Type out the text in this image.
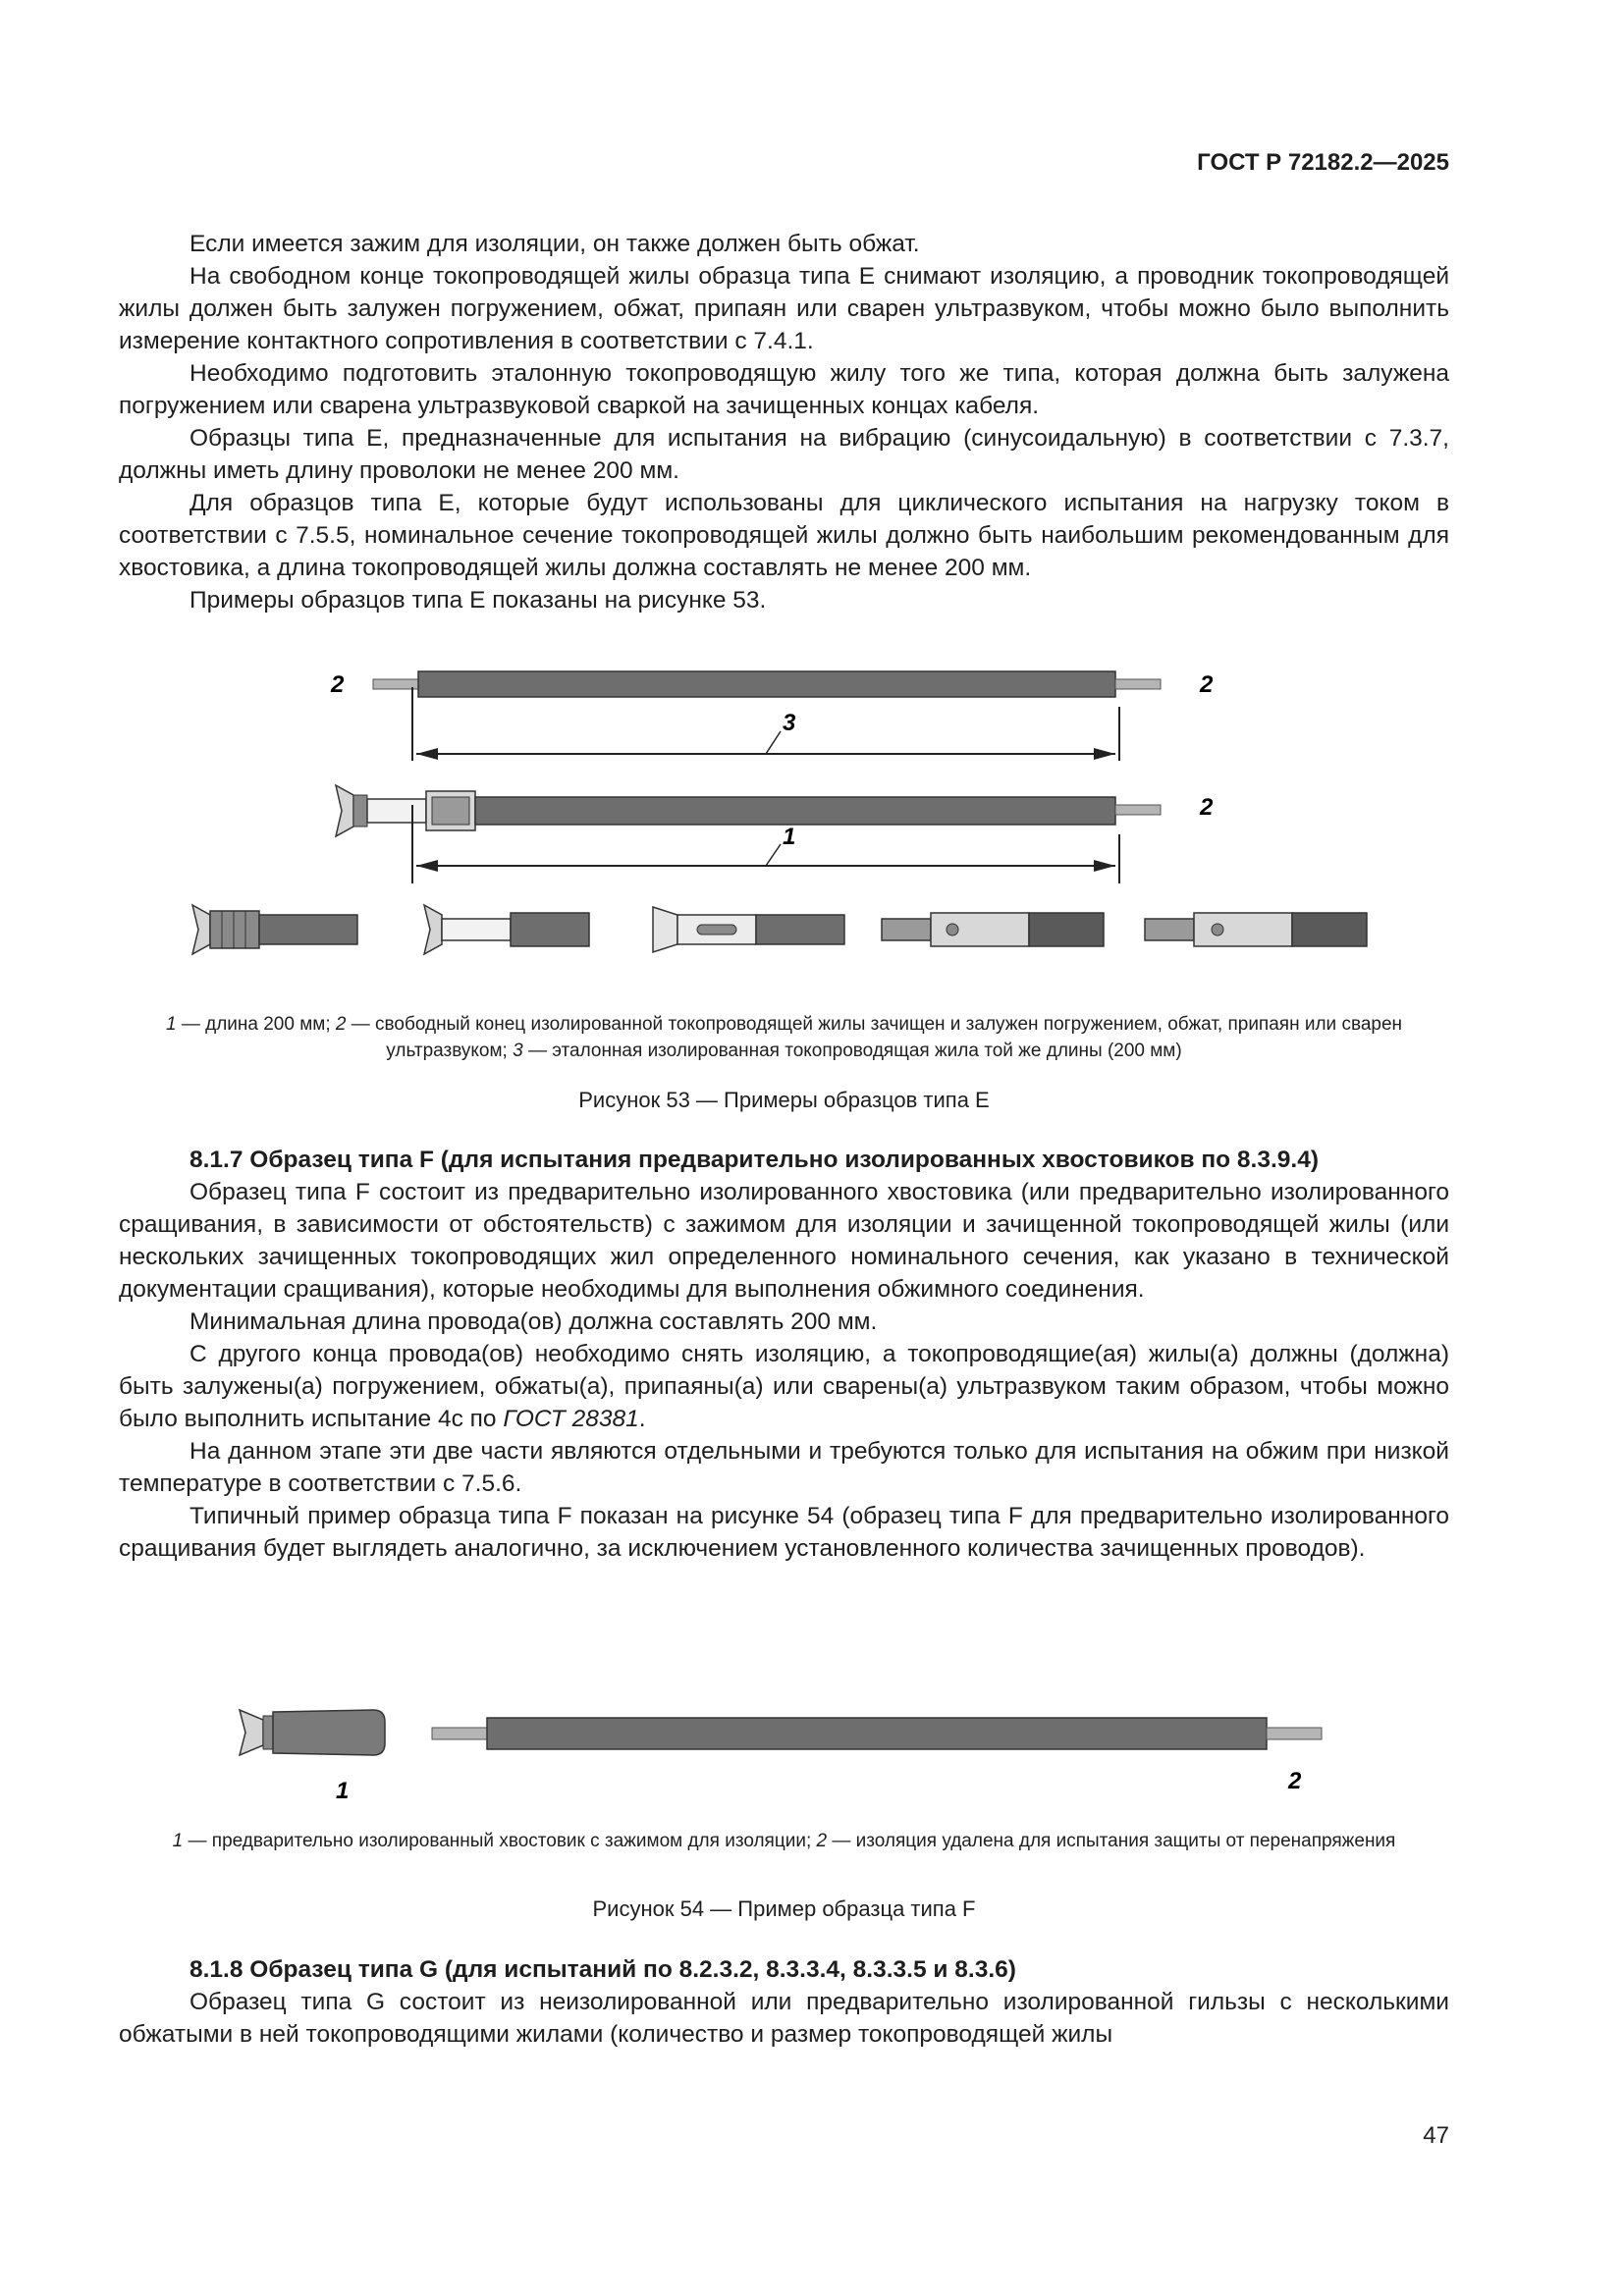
ГОСТ Р 72182.2—2025

Если имеется зажим для изоляции, он также должен быть обжат.

На свободном конце токопроводящей жилы образца типа Е снимают изоляцию, а проводник токопроводящей жилы должен быть залужен погружением, обжат, припаян или сварен ультразвуком, чтобы можно было выполнить измерение контактного сопротивления в соответствии с 7.4.1.

Необходимо подготовить эталонную токопроводящую жилу того же типа, которая должна быть залужена погружением или сварена ультразвуковой сваркой на зачищенных концах кабеля.

Образцы типа Е, предназначенные для испытания на вибрацию (синусоидальную) в соответствии с 7.3.7, должны иметь длину проволоки не менее 200 мм.

Для образцов типа Е, которые будут использованы для циклического испытания на нагрузку током в соответствии с 7.5.5, номинальное сечение токопроводящей жилы должно быть наибольшим рекомендованным для хвостовика, а длина токопроводящей жилы должна составлять не менее 200 мм.

Примеры образцов типа Е показаны на рисунке 53.

2	2
3
2
1
1 — длина 200 мм; 2 — свободный конец изолированной токопроводящей жилы зачищен и залужен погружением, обжат, припаян или сварен ультразвуком; 3 — эталонная изолированная токопроводящая жила той же длины (200 мм)
Рисунок 53 — Примеры образцов типа Е

8.1.7 Образец типа F (для испытания предварительно изолированных хвостовиков по 8.3.9.4)

Образец типа F состоит из предварительно изолированного хвостовика (или предварительно изолированного сращивания, в зависимости от обстоятельств) с зажимом для изоляции и зачищенной токопроводящей жилы (или нескольких зачищенных токопроводящих жил определенного номинального сечения, как указано в технической документации сращивания), которые необходимы для выполнения обжимного соединения.

Минимальная длина провода(ов) должна составлять 200 мм.

С другого конца провода(ов) необходимо снять изоляцию, а токопроводящие(ая) жилы(а) должны (должна) быть залужены(а) погружением, обжаты(а), припаяны(а) или сварены(а) ультразвуком таким образом, чтобы можно было выполнить испытание 4с по ГОСТ 28381.

На данном этапе эти две части являются отдельными и требуются только для испытания на обжим при низкой температуре в соответствии с 7.5.6.

Типичный пример образца типа F показан на рисунке 54 (образец типа F для предварительно изолированного сращивания будет выглядеть аналогично, за исключением установленного количества зачищенных проводов).

1	2
1 — предварительно изолированный хвостовик с зажимом для изоляции; 2 — изоляция удалена для испытания защиты от перенапряжения
Рисунок 54 — Пример образца типа F

8.1.8 Образец типа G (для испытаний по 8.2.3.2, 8.3.3.4, 8.3.3.5 и 8.3.6)

Образец типа G состоит из неизолированной или предварительно изолированной гильзы с несколькими обжатыми в ней токопроводящими жилами (количество и размер токопроводящей жилы

47
